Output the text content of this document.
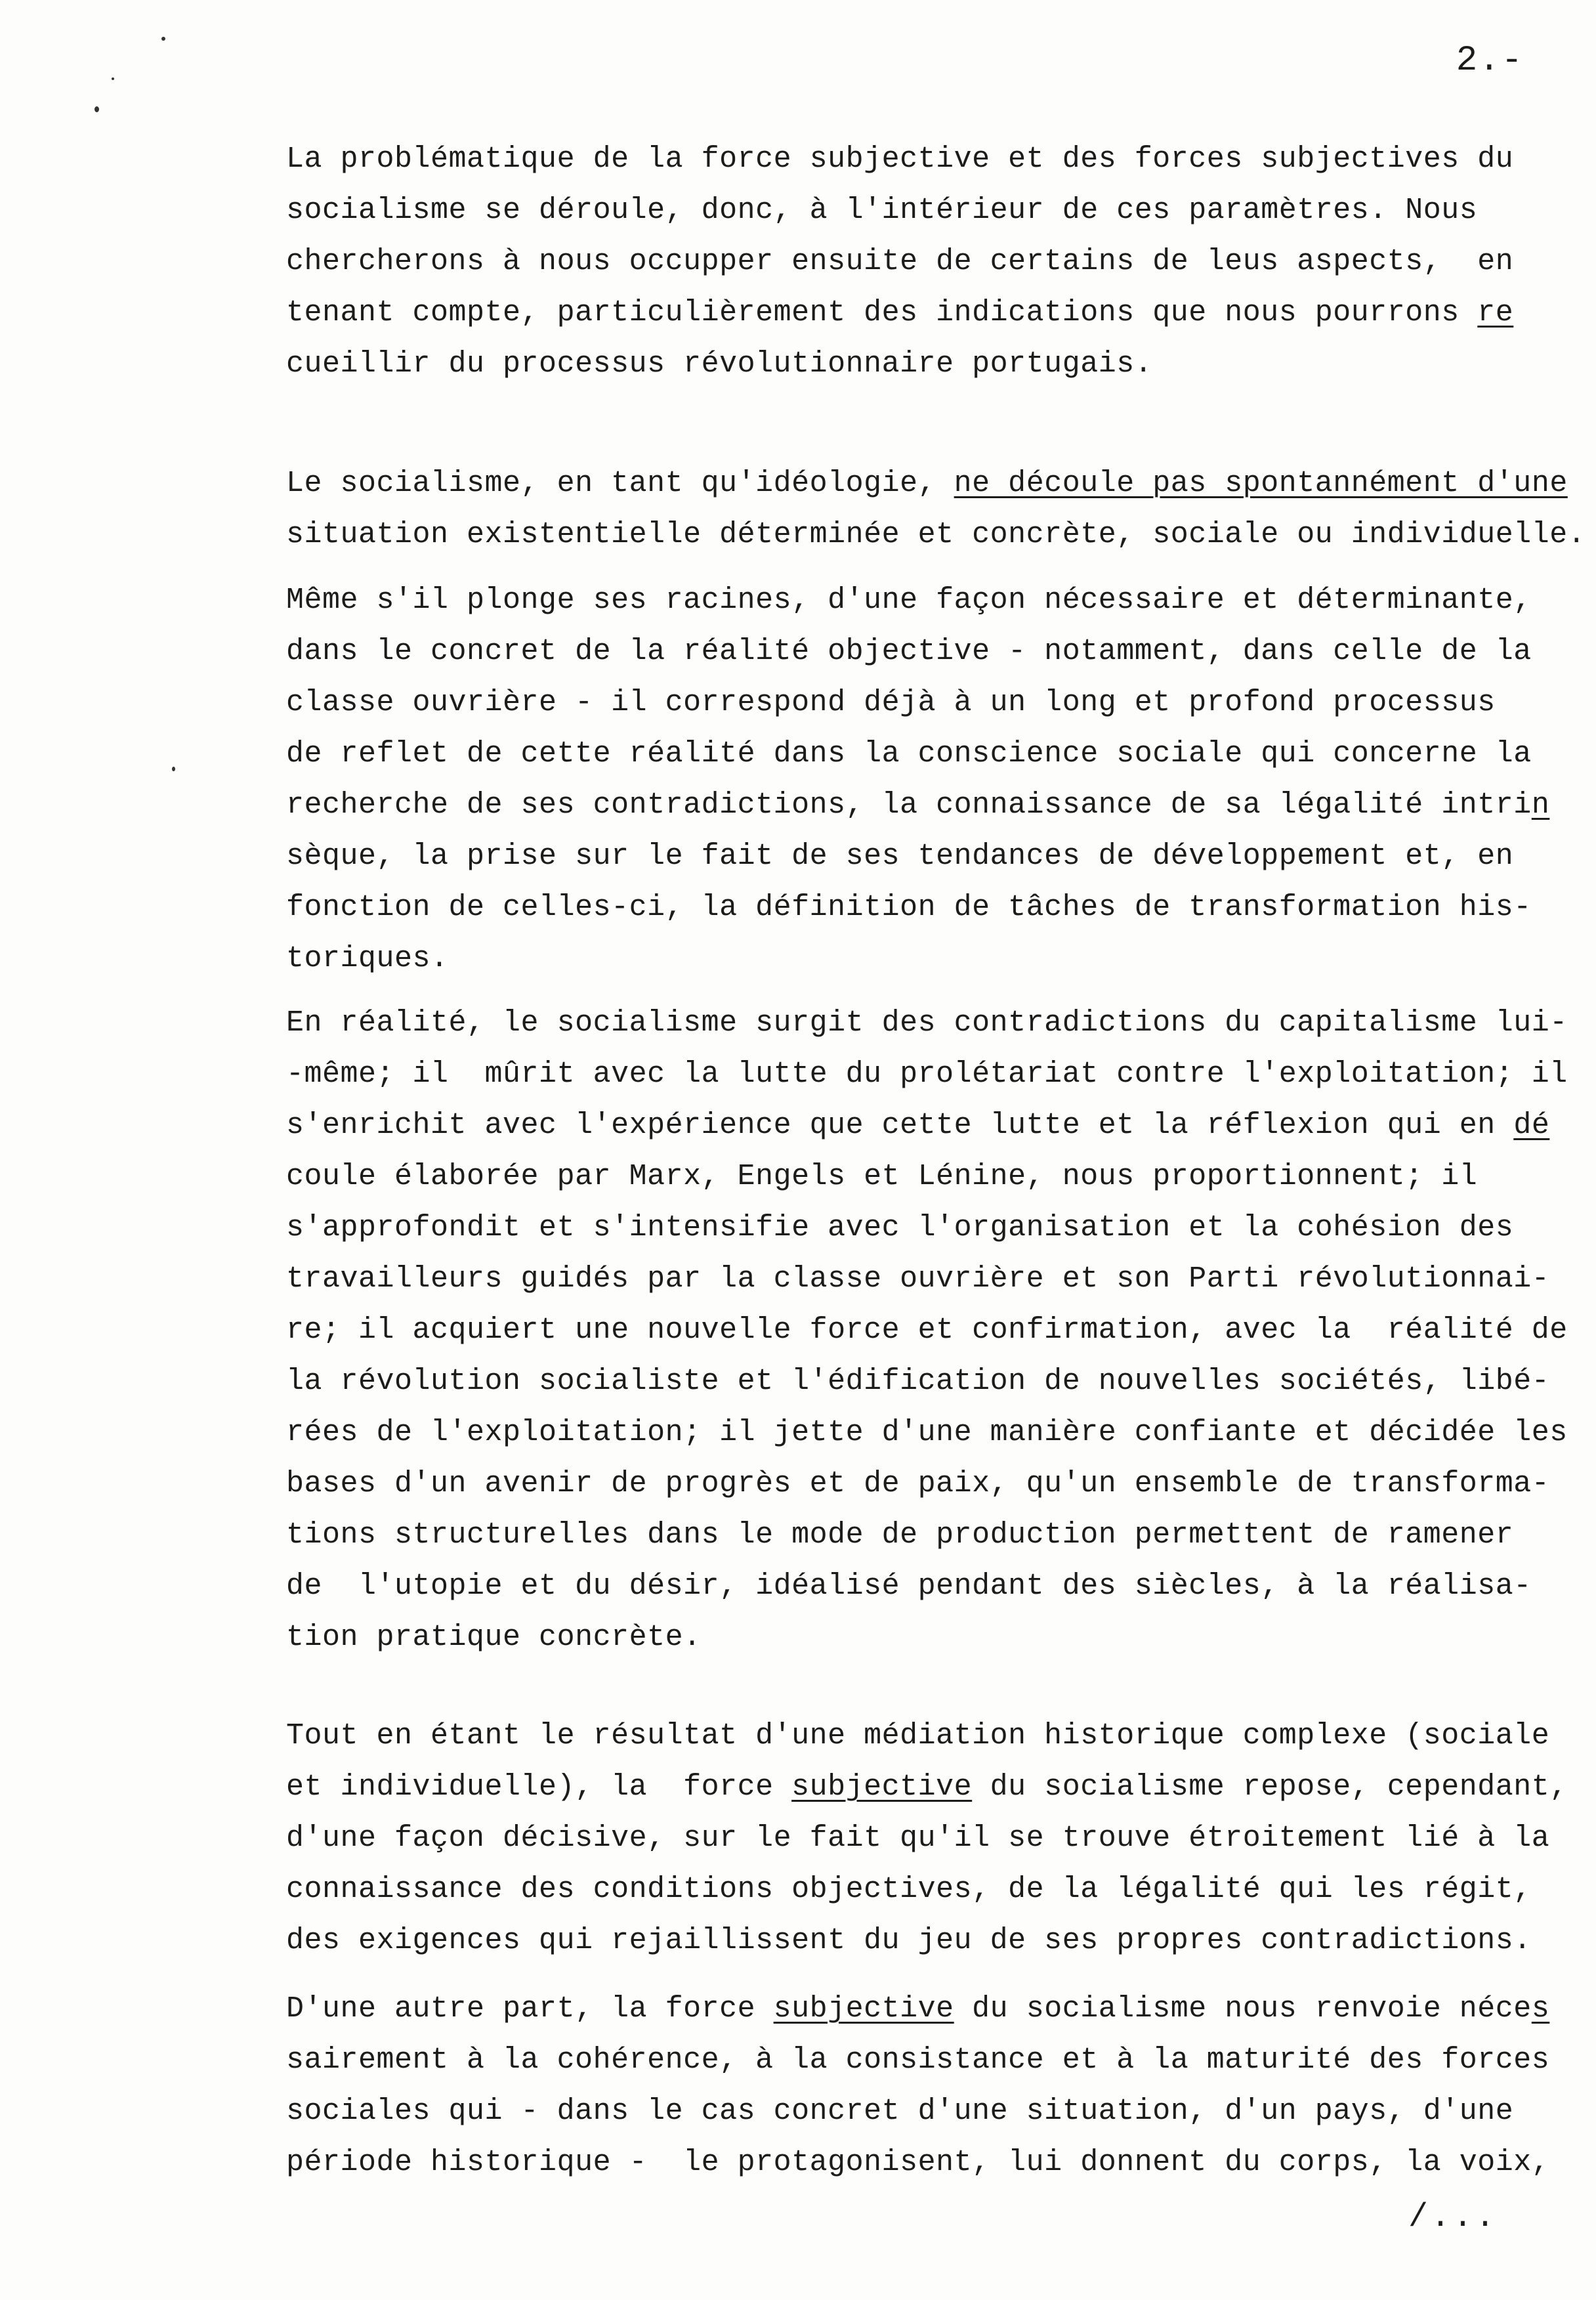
2.-
La problématique de la force subjective et des forces subjectives du
socialisme se déroule, donc, à l'intérieur de ces paramètres. Nous
chercherons à nous occupper ensuite de certains de leus aspects,  en
tenant compte, particulièrement des indications que nous pourrons re
cueillir du processus révolutionnaire portugais.
Le socialisme, en tant qu'idéologie, ne découle pas spontannément d'une
situation existentielle déterminée et concrète, sociale ou individuelle.
Même s'il plonge ses racines, d'une façon nécessaire et déterminante,
dans le concret de la réalité objective - notamment, dans celle de la
classe ouvrière - il correspond déjà à un long et profond processus
de reflet de cette réalité dans la conscience sociale qui concerne la
recherche de ses contradictions, la connaissance de sa légalité intrin
sèque, la prise sur le fait de ses tendances de développement et, en
fonction de celles-ci, la définition de tâches de transformation his-
toriques.
En réalité, le socialisme surgit des contradictions du capitalisme lui-
-même; il  mûrit avec la lutte du prolétariat contre l'exploitation; il
s'enrichit avec l'expérience que cette lutte et la réflexion qui en dé
coule élaborée par Marx, Engels et Lénine, nous proportionnent; il
s'approfondit et s'intensifie avec l'organisation et la cohésion des
travailleurs guidés par la classe ouvrière et son Parti révolutionnai-
re; il acquiert une nouvelle force et confirmation, avec la  réalité de
la révolution socialiste et l'édification de nouvelles sociétés, libé-
rées de l'exploitation; il jette d'une manière confiante et décidée les
bases d'un avenir de progrès et de paix, qu'un ensemble de transforma-
tions structurelles dans le mode de production permettent de ramener
de  l'utopie et du désir, idéalisé pendant des siècles, à la réalisa-
tion pratique concrète.
Tout en étant le résultat d'une médiation historique complexe (sociale
et individuelle), la  force subjective du socialisme repose, cependant,
d'une façon décisive, sur le fait qu'il se trouve étroitement lié à la
connaissance des conditions objectives, de la légalité qui les régit,
des exigences qui rejaillissent du jeu de ses propres contradictions.
D'une autre part, la force subjective du socialisme nous renvoie néces
sairement à la cohérence, à la consistance et à la maturité des forces
sociales qui - dans le cas concret d'une situation, d'un pays, d'une
période historique -  le protagonisent, lui donnent du corps, la voix,
/...
